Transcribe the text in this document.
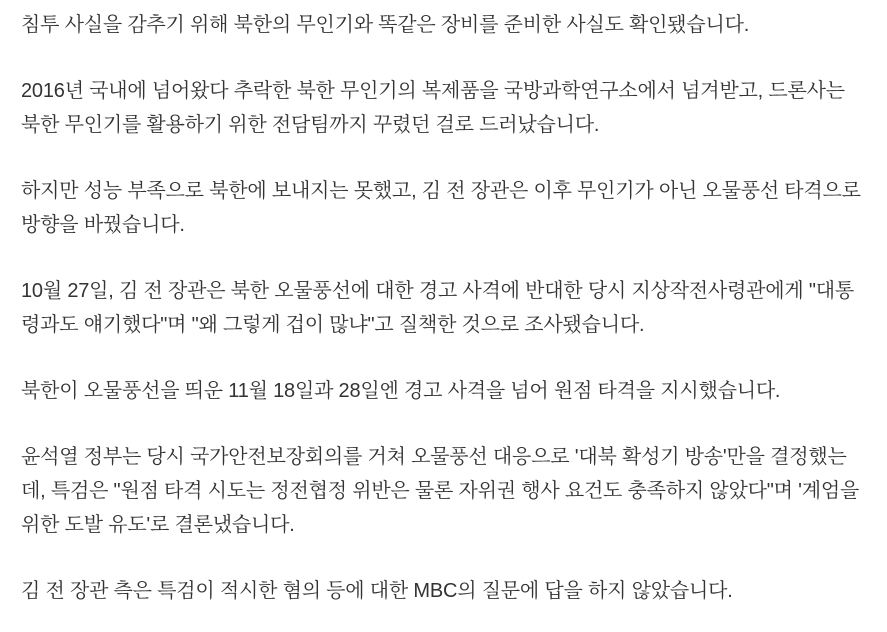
침투 사실을 감추기 위해 북한의 무인기와 똑같은 장비를 준비한 사실도 확인됐습니다.

2016년 국내에 넘어왔다 추락한 북한 무인기의 복제품을 국방과학연구소에서 넘겨받고, 드론사는 북한 무인기를 활용하기 위한 전담팀까지 꾸렸던 걸로 드러났습니다.

하지만 성능 부족으로 북한에 보내지는 못했고, 김 전 장관은 이후 무인기가 아닌 오물풍선 타격으로 방향을 바꿨습니다.

10월 27일, 김 전 장관은 북한 오물풍선에 대한 경고 사격에 반대한 당시 지상작전사령관에게 "대통령과도 얘기했다"며 "왜 그렇게 겁이 많냐"고 질책한 것으로 조사됐습니다.

북한이 오물풍선을 띄운 11월 18일과 28일엔 경고 사격을 넘어 원점 타격을 지시했습니다.

윤석열 정부는 당시 국가안전보장회의를 거쳐 오물풍선 대응으로 '대북 확성기 방송'만을 결정했는데, 특검은 "원점 타격 시도는 정전협정 위반은 물론 자위권 행사 요건도 충족하지 않았다"며 '계엄을 위한 도발 유도'로 결론냈습니다.

김 전 장관 측은 특검이 적시한 혐의 등에 대한 MBC의 질문에 답을 하지 않았습니다.
